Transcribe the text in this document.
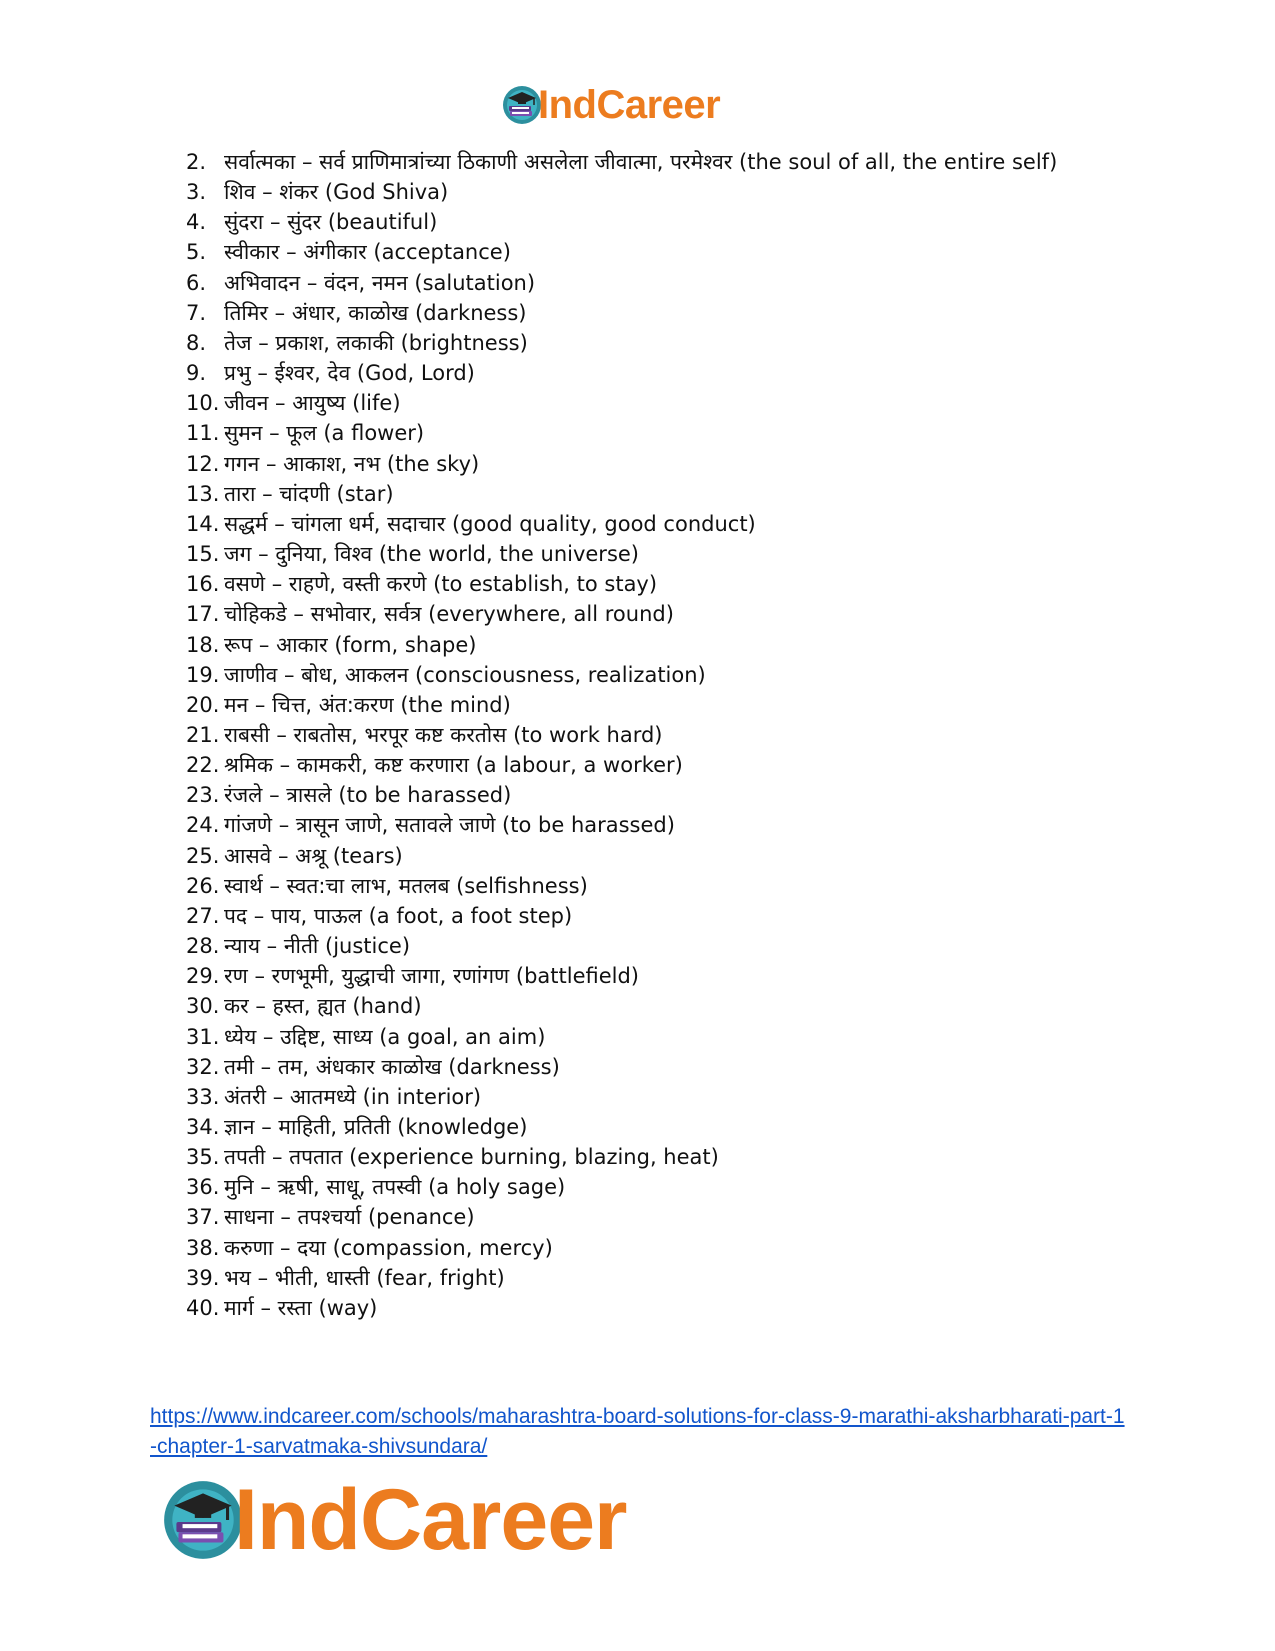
IndCareer
2. सर्वात्मका – सर्व प्राणिमात्रांच्या ठिकाणी असलेला जीवात्मा, परमेश्वर (the soul of all, the entire self)
3. शिव – शंकर (God Shiva)
4. सुंदरा – सुंदर (beautiful)
5. स्वीकार – अंगीकार (acceptance)
6. अभिवादन – वंदन, नमन (salutation)
7. तिमिर – अंधार, काळोख (darkness)
8. तेज – प्रकाश, लकाकी (brightness)
9. प्रभु – ईश्वर, देव (God, Lord)
10. जीवन – आयुष्य (life)
11. सुमन – फूल (a flower)
12. गगन – आकाश, नभ (the sky)
13. तारा – चांदणी (star)
14. सद्धर्म – चांगला धर्म, सदाचार (good quality, good conduct)
15. जग – दुनिया, विश्व (the world, the universe)
16. वसणे – राहणे, वस्ती करणे (to establish, to stay)
17. चोहिकडे – सभोवार, सर्वत्र (everywhere, all round)
18. रूप – आकार (form, shape)
19. जाणीव – बोध, आकलन (consciousness, realization)
20. मन – चित्त, अंत:करण (the mind)
21. राबसी – राबतोस, भरपूर कष्ट करतोस (to work hard)
22. श्रमिक – कामकरी, कष्ट करणारा (a labour, a worker)
23. रंजले – त्रासले (to be harassed)
24. गांजणे – त्रासून जाणे, सतावले जाणे (to be harassed)
25. आसवे – अश्रू (tears)
26. स्वार्थ – स्वत:चा लाभ, मतलब (selfishness)
27. पद – पाय, पाऊल (a foot, a foot step)
28. न्याय – नीती (justice)
29. रण – रणभूमी, युद्धाची जागा, रणांगण (battlefield)
30. कर – हस्त, ह्यत (hand)
31. ध्येय – उद्दिष्ट, साध्य (a goal, an aim)
32. तमी – तम, अंधकार काळोख (darkness)
33. अंतरी – आतमध्ये (in interior)
34. ज्ञान – माहिती, प्रतिती (knowledge)
35. तपती – तपतात (experience burning, blazing, heat)
36. मुनि – ऋषी, साधू, तपस्वी (a holy sage)
37. साधना – तपश्चर्या (penance)
38. करुणा – दया (compassion, mercy)
39. भय – भीती, धास्ती (fear, fright)
40. मार्ग – रस्ता (way)
https://www.indcareer.com/schools/maharashtra-board-solutions-for-class-9-marathi-aksharbharati-part-1-chapter-1-sarvatmaka-shivsundara/
IndCareer
